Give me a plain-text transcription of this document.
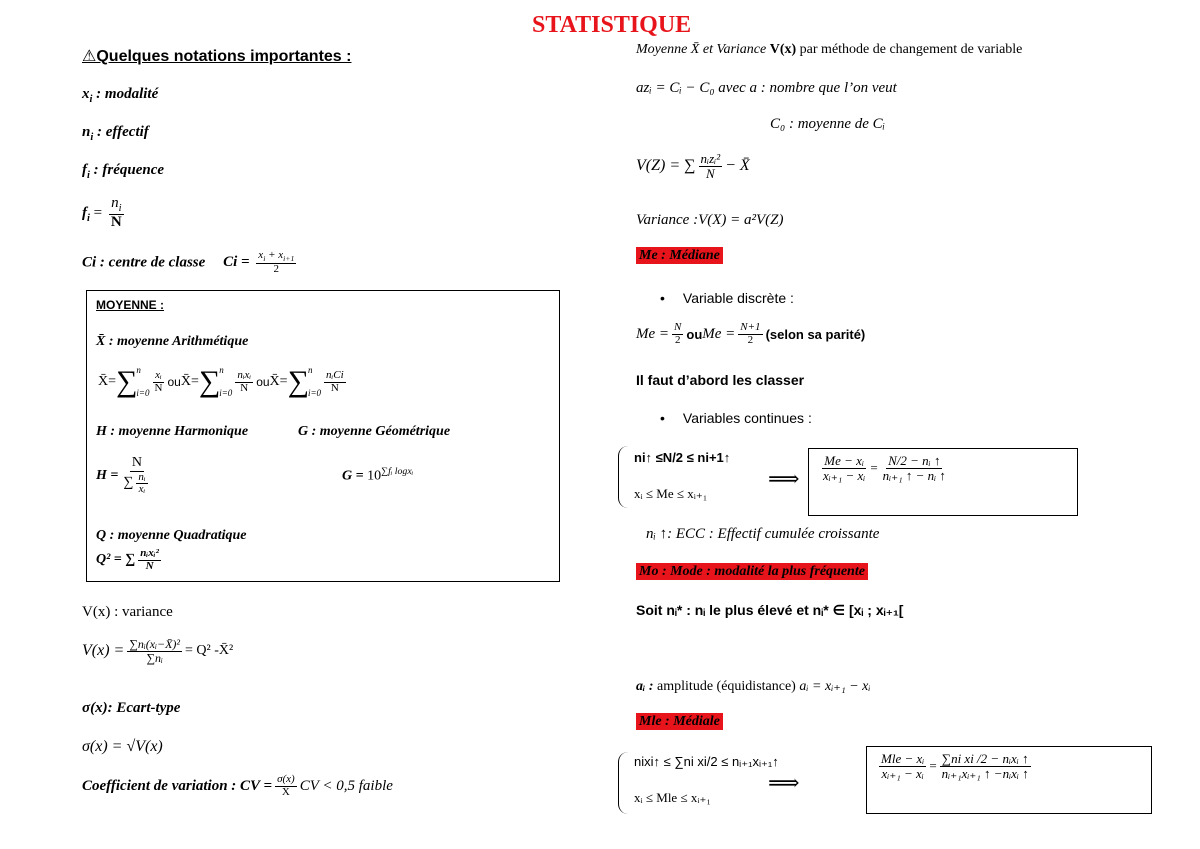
STATISTIQUE
⚠Quelques notations importantes :
$x_i$ : modalité
$n_i$ : effectif
$f_i$ : fréquence
$f_i = \frac{n_i}{N}$
Ci : centre de classe $Ci = \frac{x_i + x_{i+1}}{2}$
MOYENNE :
X̄ : moyenne Arithmétique
X̄ = ∑ n
$i=0 \frac{\text{xᵢ}}{N}$ ou X̄ = ∑ n
$i=0 \frac{\text{nᵢxᵢ}}{N}$ ou X̄ = ∑ n
$i=0 \frac{\text{nᵢCi}}{N}$
H : moyenne Harmonique	G : moyenne Géométrique
$H = \frac{N}{\sum \frac{\text{nᵢ}}{\text{xᵢ}}}$	$G = 10^{\sum fᵢ logxᵢ}$
Q : moyenne Quadratique
Q² = ∑ $\frac{\text{nᵢxᵢ²}}{N}$
V(x) : variance
$V(x) = \frac{\text{∑nᵢ(xᵢ−X̄)²}}{\text{∑nᵢ}} = Q^2$ -X̄²
σ(x): Ecart-type
σ(x) = √V(x)
Coefficient de variation : CV = $\frac{\sigma(x)}{X̄}$ CV < 0,5 faible
Moyenne X̄ et Variance V(x) par méthode de changement de variable
azᵢ = Cᵢ − C₀ avec a : nombre que l’on veut
C₀ : moyenne de Cᵢ
V(Z) = ∑ $\frac{\text{nᵢzᵢ²}}{N}$ − X̄
Variance :V(X) = a²V(Z)
Me : Médiane
• Variable discrète :
$Me = \frac{N}{2}$ ou $Me = \frac{N+1}{2}$ (selon sa parité)
Il faut d’abord les classer
• Variables continues :
ni↑ ≤N/2 ≤ ni+1↑
xᵢ ≤ Me ≤ xᵢ₊₁
⟹ $\frac{\text{Me − xᵢ}}{\text{xᵢ₊₁ − xᵢ}} = \frac{\text{N/2 − nᵢ ↑}}{\text{nᵢ₊₁ ↑ − nᵢ ↑}}$
nᵢ ↑: ECC : Effectif cumulée croissante
Mo : Mode : modalité la plus fréquente
Soit nᵢ* : nᵢ le plus élevé et nᵢ* ∈ [xᵢ ; xᵢ₊₁[
aᵢ : amplitude (équidistance) aᵢ = xᵢ₊₁ − xᵢ
Mle : Médiale
nixi↑ ≤ ∑ni xi/2 ≤ nᵢ₊₁xᵢ₊₁↑
xᵢ ≤ Mle ≤ xᵢ₊₁
⟹
$\frac{\text{Mle − xᵢ}}{\text{xᵢ₊₁ − xᵢ}} = \frac{\text{∑ni xi /2 − nᵢxᵢ ↑}}{\text{nᵢ₊₁xᵢ₊₁ ↑ −nᵢxᵢ ↑}}$
